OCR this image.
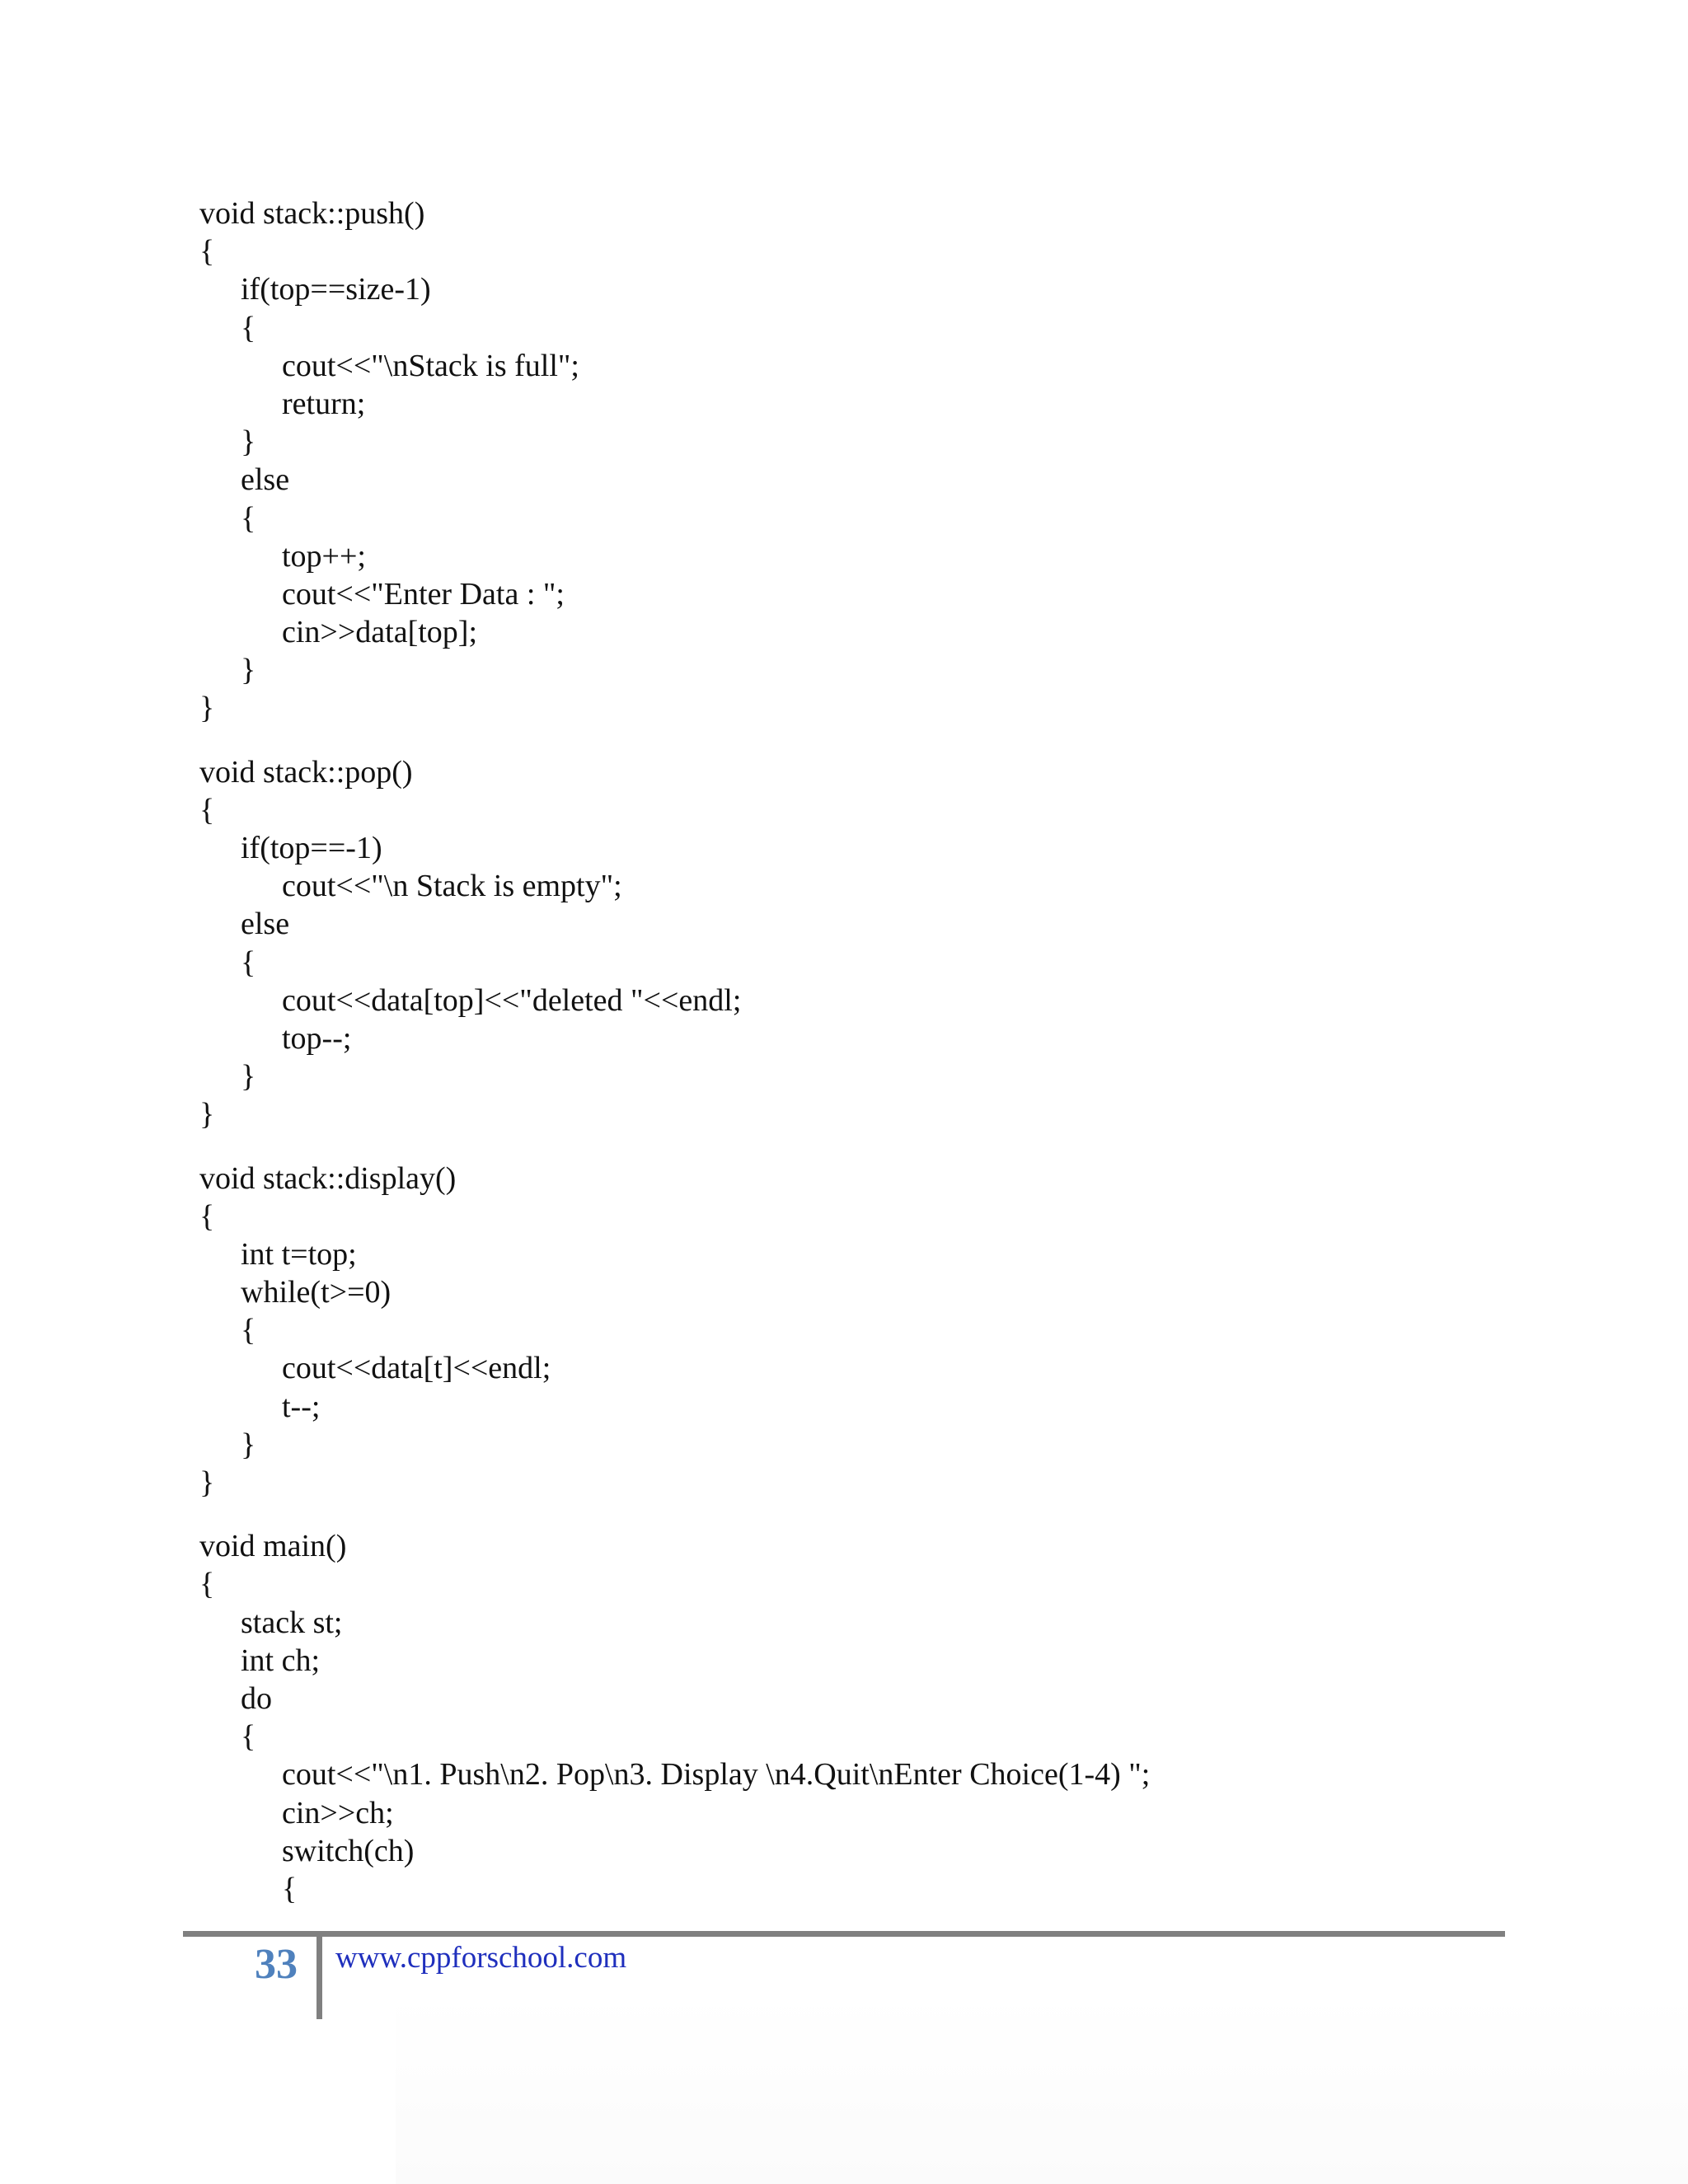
void stack::push()
{
if(top==size-1)
{
cout<<"\nStack is full";
return;
}
else
{
top++;
cout<<"Enter Data : ";
cin>>data[top];
}
}
void stack::pop()
{
if(top==-1)
cout<<"\n Stack is empty";
else
{
cout<<data[top]<<"deleted "<<endl;
top--;
}
}
void stack::display()
{
int t=top;
while(t>=0)
{
cout<<data[t]<<endl;
t--;
}
}
void main()
{
stack st;
int ch;
do
{
cout<<"\n1. Push\n2. Pop\n3. Display \n4.Quit\nEnter Choice(1-4) ";
cin>>ch;
switch(ch)
{
33	www.cppforschool.com
